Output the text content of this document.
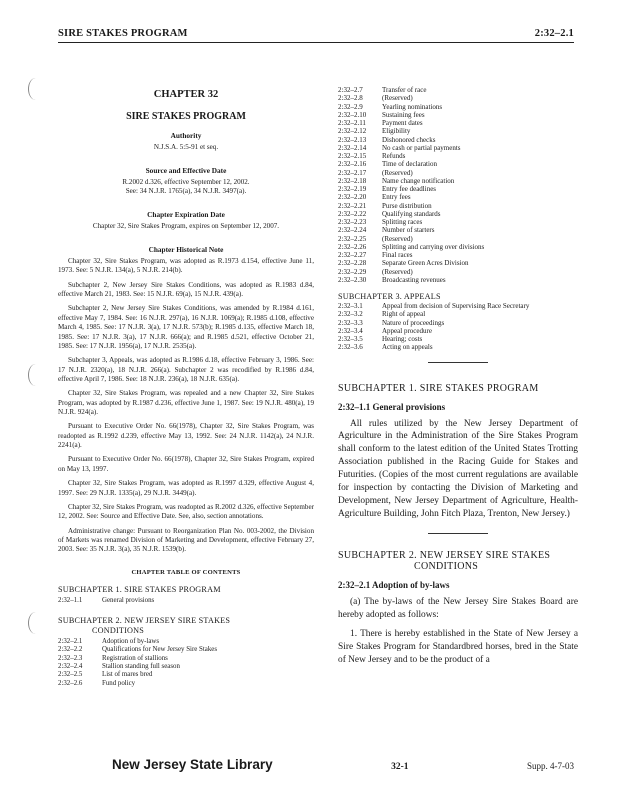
SIRE STAKES PROGRAM	2:32–2.1
CHAPTER 32
SIRE STAKES PROGRAM
Authority
N.J.S.A. 5:5-91 et seq.
Source and Effective Date
R.2002 d.326, effective September 12, 2002.
See: 34 N.J.R. 1765(a), 34 N.J.R. 3497(a).
Chapter Expiration Date
Chapter 32, Sire Stakes Program, expires on September 12, 2007.
Chapter Historical Note
Chapter 32, Sire Stakes Program, was adopted as R.1973 d.154, effective June 11, 1973. See: 5 N.J.R. 134(a), 5 N.J.R. 214(b).
Subchapter 2, New Jersey Sire Stakes Conditions, was adopted as R.1983 d.84, effective March 21, 1983. See: 15 N.J.R. 69(a), 15 N.J.R. 439(a).
Subchapter 2, New Jersey Sire Stakes Conditions, was amended by R.1984 d.161, effective May 7, 1984. See: 16 N.J.R. 297(a), 16 N.J.R. 1069(a); R.1985 d.108, effective March 4, 1985. See: 17 N.J.R. 3(a), 17 N.J.R. 573(b); R.1985 d.135, effective March 18, 1985. See: 17 N.J.R. 3(a), 17 N.J.R. 666(a); and R.1985 d.521, effective October 21, 1985. See: 17 N.J.R. 1956(a), 17 N.J.R. 2535(a).
Subchapter 3, Appeals, was adopted as R.1986 d.18, effective February 3, 1986. See: 17 N.J.R. 2320(a), 18 N.J.R. 266(a). Subchapter 2 was recodified by R.1986 d.84, effective April 7, 1986. See: 18 N.J.R. 236(a), 18 N.J.R. 635(a).
Chapter 32, Sire Stakes Program, was repealed and a new Chapter 32, Sire Stakes Program, was adopted by R.1987 d.236, effective June 1, 1987. See: 19 N.J.R. 480(a), 19 N.J.R. 924(a).
Pursuant to Executive Order No. 66(1978), Chapter 32, Sire Stakes Program, was readopted as R.1992 d.239, effective May 13, 1992. See: 24 N.J.R. 1142(a), 24 N.J.R. 2241(a).
Pursuant to Executive Order No. 66(1978), Chapter 32, Sire Stakes Program, expired on May 13, 1997.
Chapter 32, Sire Stakes Program, was adopted as R.1997 d.329, effective August 4, 1997. See: 29 N.J.R. 1335(a), 29 N.J.R. 3449(a).
Chapter 32, Sire Stakes Program, was readopted as R.2002 d.326, effective September 12, 2002. See: Source and Effective Date. See, also, section annotations.
Administrative change: Pursuant to Reorganization Plan No. 003-2002, the Division of Markets was renamed Division of Marketing and Development, effective February 27, 2003. See: 35 N.J.R. 3(a), 35 N.J.R. 1539(b).
CHAPTER TABLE OF CONTENTS
SUBCHAPTER 1. SIRE STAKES PROGRAM
2:32–1.1	General provisions
SUBCHAPTER 2. NEW JERSEY SIRE STAKES
CONDITIONS
2:32–2.1	Adoption of by-laws
2:32–2.2	Qualifications for New Jersey Sire Stakes
2:32–2.3	Registration of stallions
2:32–2.4	Stallion standing full season
2:32–2.5	List of mares bred
2:32–2.6	Fund policy
2:32–2.7	Transfer of race
2:32–2.8	(Reserved)
2:32–2.9	Yearling nominations
2:32–2.10	Sustaining fees
2:32–2.11	Payment dates
2:32–2.12	Eligibility
2:32–2.13	Dishonored checks
2:32–2.14	No cash or partial payments
2:32–2.15	Refunds
2:32–2.16	Time of declaration
2:32–2.17	(Reserved)
2:32–2.18	Name change notification
2:32–2.19	Entry fee deadlines
2:32–2.20	Entry fees
2:32–2.21	Purse distribution
2:32–2.22	Qualifying standards
2:32–2.23	Splitting races
2:32–2.24	Number of starters
2:32–2.25	(Reserved)
2:32–2.26	Splitting and carrying over divisions
2:32–2.27	Final races
2:32–2.28	Separate Green Acres Division
2:32–2.29	(Reserved)
2:32–2.30	Broadcasting revenues
SUBCHAPTER 3. APPEALS
2:32–3.1	Appeal from decision of Supervising Race Secretary
2:32–3.2	Right of appeal
2:32–3.3	Nature of proceedings
2:32–3.4	Appeal procedure
2:32–3.5	Hearing; costs
2:32–3.6	Acting on appeals
SUBCHAPTER 1. SIRE STAKES PROGRAM
2:32–1.1 General provisions

All rules utilized by the New Jersey Department of Agriculture in the Administration of the Sire Stakes Program shall conform to the latest edition of the United States Trotting Association published in the Racing Guide for Stakes and Futurities. (Copies of the most current regulations are available for inspection by contacting the Division of Marketing and Development, New Jersey Department of Agriculture, Health-Agriculture Building, John Fitch Plaza, Trenton, New Jersey.)

SUBCHAPTER 2. NEW JERSEY SIRE STAKES
CONDITIONS
2:32–2.1 Adoption of by-laws

(a) The by-laws of the New Jersey Sire Stakes Board are hereby adopted as follows:

1. There is hereby established in the State of New Jersey a Sire Stakes Program for Standardbred horses, bred in the State of New Jersey and to be the product of a

New Jersey State Library	32-1	Supp. 4-7-03
